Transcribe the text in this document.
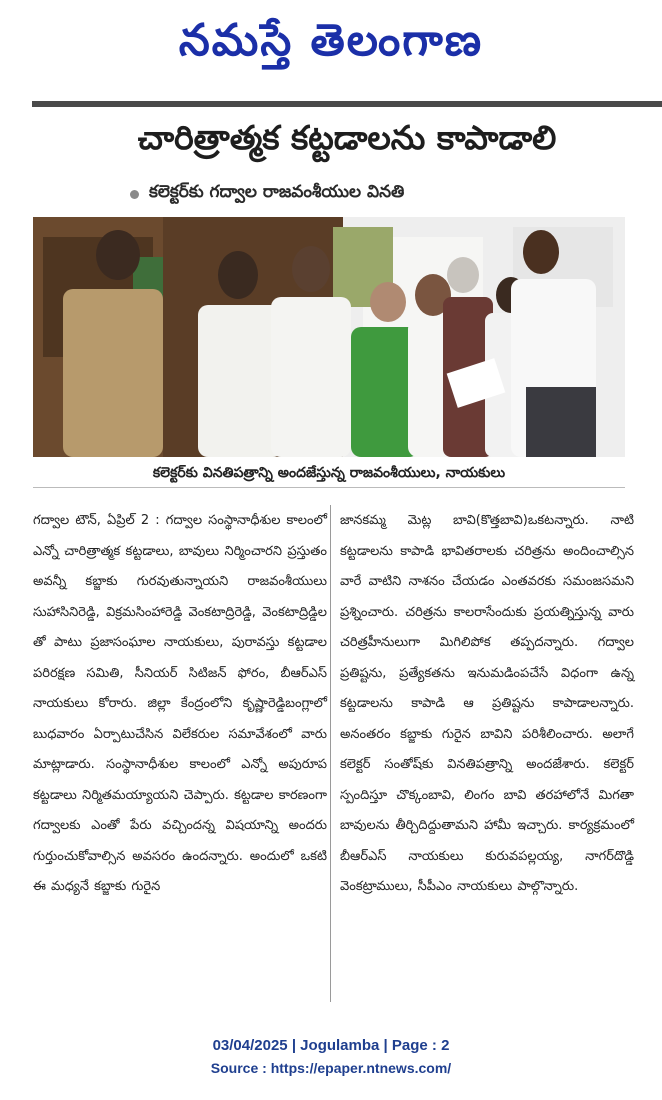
నమస్తే తెలంగాణ
చారిత్రాత్మక కట్టడాలను కాపాడాలి
కలెక్టర్‌కు గద్వాల రాజవంశీయుల వినతి
కలెక్టర్‌కు వినతిపత్రాన్ని అందజేస్తున్న రాజవంశీయులు, నాయకులు

గద్వాల టౌన్, ఏప్రిల్ 2 : గద్వాల సంస్థానాధీశుల కాలంలో ఎన్నో చారిత్రాత్మక కట్టడాలు, బావులు నిర్మించారని ప్రస్తుతం అవన్నీ కబ్జాకు గురవుతున్నాయని రాజవంశీయులు సుహాసినిరెడ్డి, విక్రమసింహారెడ్డి వెంకటాద్రిరెడ్డి, వెంకటాద్రిడ్డిల తో పాటు ప్రజాసంఘాల నాయకులు, పురావస్తు కట్టడాల పరిరక్షణ సమితి, సీనియర్ సిటిజన్ ఫోరం, బీఆర్‌ఎస్ నాయకులు కోరారు. జిల్లా కేంద్రంలోని కృష్ణారెడ్డిబంగ్లాలో బుధవారం ఏర్పాటుచేసిన విలేకరుల సమావేశంలో వారు మాట్లాడారు. సంస్థానాధీశుల కాలంలో ఎన్నో అపురూప కట్టడాలు నిర్మితమయ్యాయని చెప్పారు. కట్టడాల కారణంగా గద్వాలకు ఎంతో పేరు వచ్చిందన్న విషయాన్ని అందరు గుర్తుంచుకోవాల్సిన అవసరం ఉందన్నారు. అందులో ఒకటి ఈ మధ్యనే కబ్జాకు గురైన

జానకమ్మ మెట్ల బావి(కొత్తబావి)ఒకటన్నారు. నాటి కట్టడాలను కాపాడి భావితరాలకు చరిత్రను అందించాల్సిన వారే వాటిని నాశనం చేయడం ఎంతవరకు సమంజసమని ప్రశ్నించారు. చరిత్రను కాలరాసేందుకు ప్రయత్నిస్తున్న వారు చరిత్రహీనులుగా మిగిలిపోక తప్పదన్నారు. గద్వాల ప్రతిష్టను, ప్రత్యేకతను ఇనుమడింపచేసే విధంగా ఉన్న కట్టడాలను కాపాడి ఆ ప్రతిష్టను కాపాడాలన్నారు. అనంతరం కబ్జాకు గురైన బావిని పరిశీలించారు. అలాగే కలెక్టర్ సంతోష్‌కు వినతిపత్రాన్ని అందజేశారు. కలెక్టర్ స్పందిస్తూ చొక్కంబావి, లింగం బావి తరహాలోనే మిగతా బావులను తీర్చిదిద్దుతామని హామీ ఇచ్చారు. కార్యక్రమంలో బీఆర్‌ఎస్ నాయకులు కురువపల్లయ్య, నాగర్‌దొడ్డి వెంకట్రాములు, సీపీఎం నాయకులు పాల్గొన్నారు.

03/04/2025 | Jogulamba | Page : 2
Source : https://epaper.ntnews.com/
